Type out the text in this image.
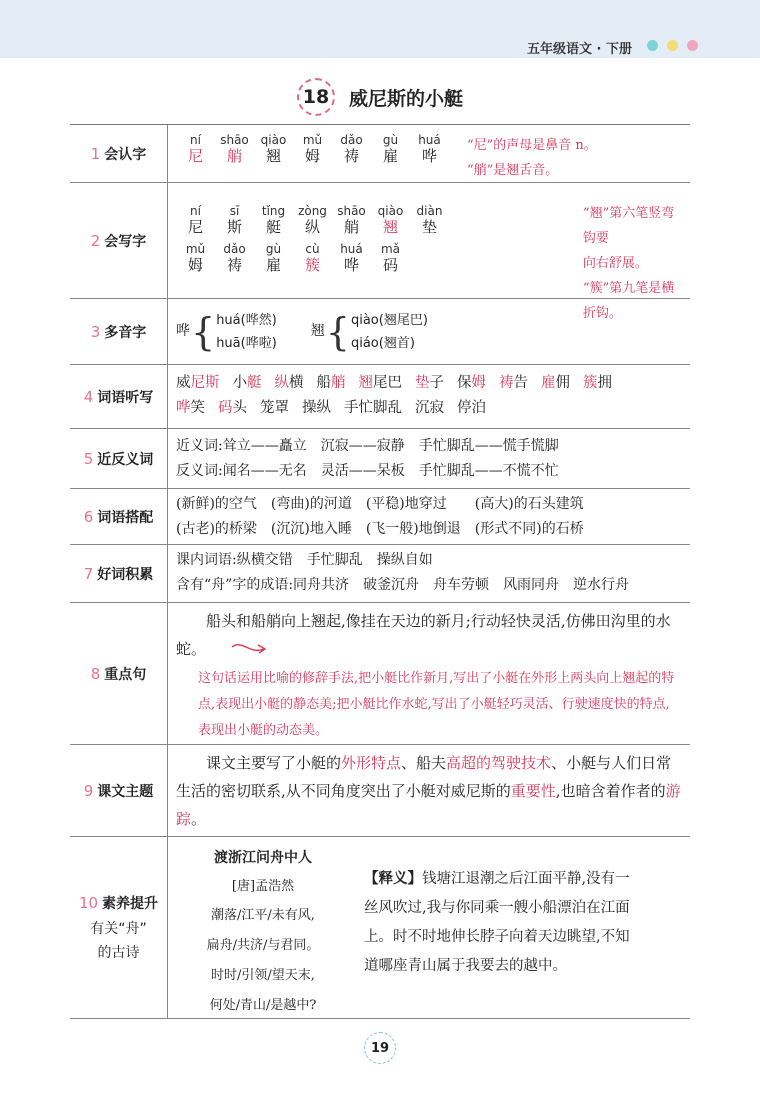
五年级语文 · 下册
18	威尼斯的小艇
1 会认字
ní
尼
shāo
艄
qiào
翘
mǔ
姆
dǎo
祷
gù
雇
huá
哗
“尼”的声母是鼻音 n。
“艄”是翘舌音。
2 会写字
ní
尼
sī
斯
tǐng
艇
zòng
纵
shāo
艄
qiào
翘
diàn
垫

mǔ
姆
dǎo
祷
gù
雇
cù
簇
huá
哗
mǎ
码
“翘”第六笔竖弯钩要
向右舒展。
“簇”第九笔是横折钩。
3 多音字 哗 { huá(哗然)
huā(哗啦)
翘 { qiào(翘尾巴)
qiáo(翘首)
4 词语听写
威尼斯 小艇 纵横 船艄 翘尾巴 垫子 保姆 祷告 雇佣 簇拥
哗笑 码头 笼罩 操纵 手忙脚乱 沉寂 停泊
5 近反义词
近义词:耸立——矗立　沉寂——寂静　手忙脚乱——慌手慌脚
反义词:闻名——无名　灵活——呆板　手忙脚乱——不慌不忙
6 词语搭配
(新鲜)的空气　(弯曲)的河道　(平稳)地穿过　　(高大)的石头建筑
(古老)的桥梁　(沉沉)地入睡　(飞一般)地倒退　(形式不同)的石桥
7 好词积累
课内词语:纵横交错　手忙脚乱　操纵自如
含有“舟”字的成语:同舟共济　破釜沉舟　舟车劳顿　风雨同舟　逆水行舟
8 重点句
船头和船艄向上翘起,像挂在天边的新月;行动轻快灵活,仿佛田沟里的水蛇。
这句话运用比喻的修辞手法,把小艇比作新月,写出了小艇在外形上两头向上翘起的特点,表现出小艇的静态美;把小艇比作水蛇,写出了小艇轻巧灵活、行驶速度快的特点,表现出小艇的动态美。
9 课文主题
课文主要写了小艇的外形特点、船夫高超的驾驶技术、小艇与人们日常生活的密切联系,从不同角度突出了小艇对威尼斯的重要性,也暗含着作者的游踪。
10 素养提升
有关“舟”
的古诗
渡浙江问舟中人
[唐]孟浩然
潮落/江平/未有风,
扁舟/共济/与君同。
时时/引领/望天末,
何处/青山/是越中?
【释义】钱塘江退潮之后江面平静,没有一丝风吹过,我与你同乘一艘小船漂泊在江面上。时不时地伸长脖子向着天边眺望,不知道哪座青山属于我要去的越中。
19
